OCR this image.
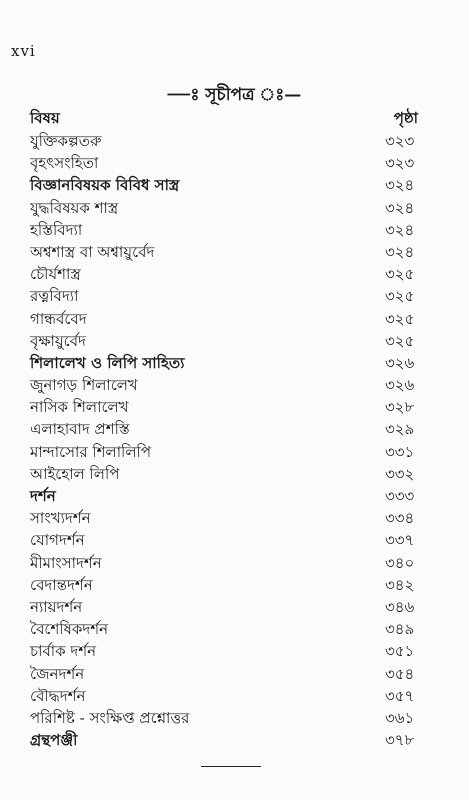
xvi
—ঃ সূচীপত্র ঃ—
বিষয়	পৃষ্ঠা
যুক্তিকল্পতরু	৩২৩
বৃহৎসংহিতা	৩২৩
বিজ্ঞানবিষয়ক বিবিধ সাস্ত্র	৩২৪
যুদ্ধবিষয়ক শাস্ত্র	৩২৪
হস্তিবিদ্যা	৩২৪
অশ্বশাস্ত্র বা অশ্বায়ুর্বেদ	৩২৪
চৌর্যশাস্ত্র	৩২৫
রত্নবিদ্যা	৩২৫
গান্ধর্ববেদ	৩২৫
বৃক্ষায়ুর্বেদ	৩২৫
শিলালেখ ও লিপি সাহিত্য	৩২৬
জুনাগড় শিলালেখ	৩২৬
নাসিক শিলালেখ	৩২৮
এলাহাবাদ প্রশস্তি	৩২৯
মান্দাসোর শিলালিপি	৩৩১
আইহোল লিপি	৩৩২
দর্শন	৩৩৩
সাংখ্যদর্শন	৩৩৪
যোগদর্শন	৩৩৭
মীমাংসাদর্শন	৩৪০
বেদান্তদর্শন	৩৪২
ন্যায়দর্শন	৩৪৬
বৈশেষিকদর্শন	৩৪৯
চার্বাক দর্শন	৩৫১
জৈনদর্শন	৩৫৪
বৌদ্ধদর্শন	৩৫৭
পরিশিষ্ট - সংক্ষিপ্ত প্রশ্নোত্তর	৩৬১
গ্রন্থপঞ্জী	৩৭৮
